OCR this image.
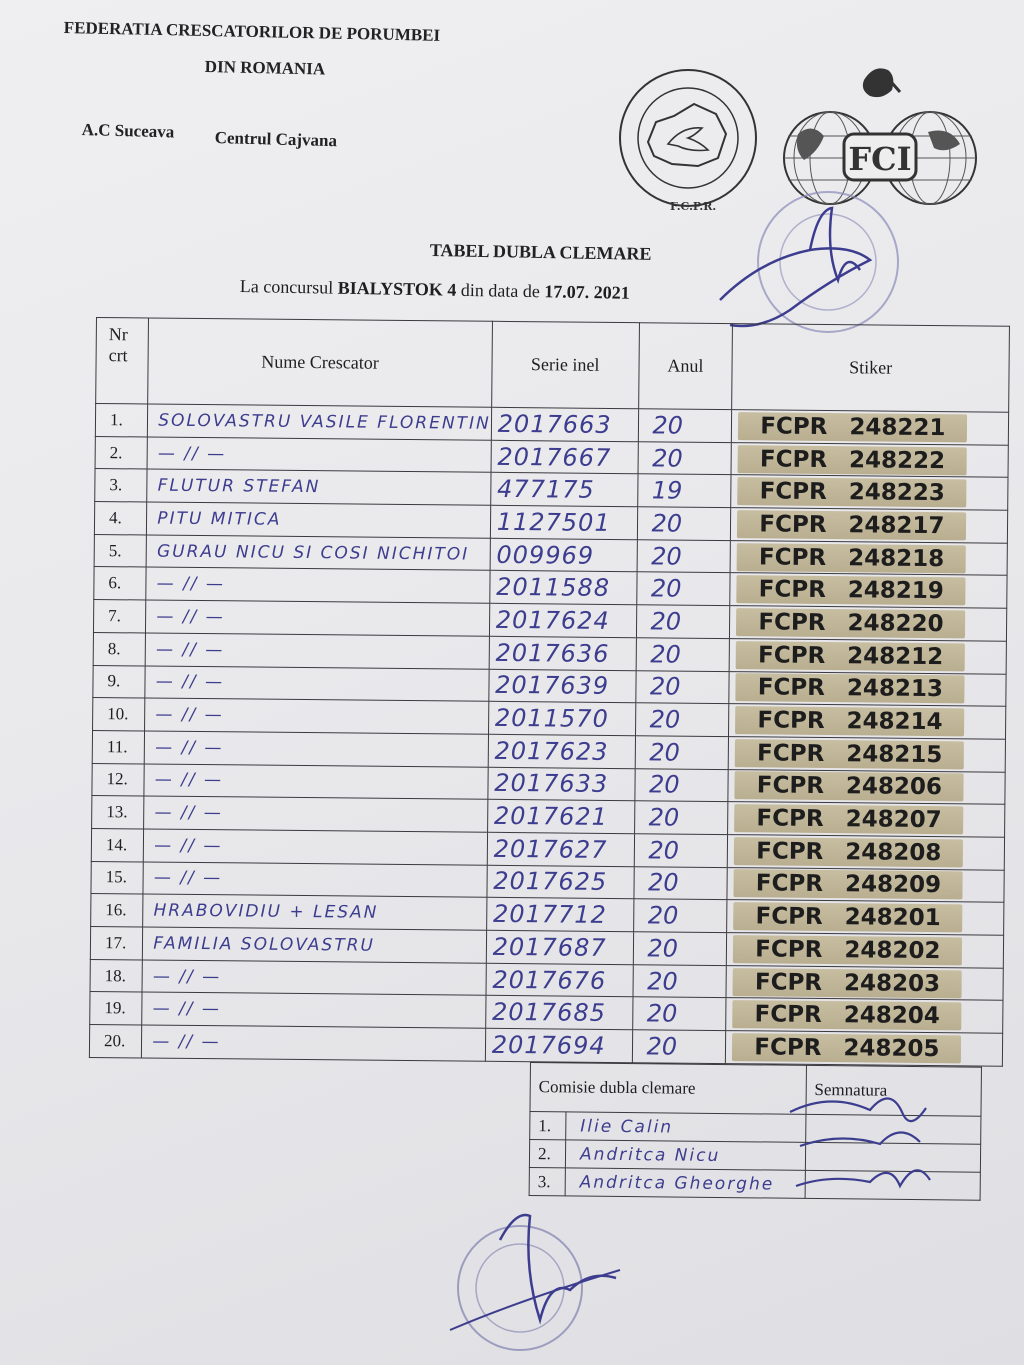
FEDERATIA CRESCATORILOR DE PORUMBEI
DIN ROMANIA
A.C Suceava Centrul Cajvana
F.C.P.R.
FCI
TABEL DUBLA CLEMARE
La concursul BIALYSTOK 4 din data de 17.07. 2021
Nr crt	Nume Crescator	Serie inel	Anul	Stiker
1.	SOLOVASTRU VASILE FLORENTIN	2017663	20	FCPR 248221
2.	— // —	2017667	20	FCPR 248222
3.	FLUTUR STEFAN	477175	19	FCPR 248223
4.	PITU MITICA	1127501	20	FCPR 248217
5.	GURAU NICU SI COSI NICHITOI	009969	20	FCPR 248218
6.	— // —	2011588	20	FCPR 248219
7.	— // —	2017624	20	FCPR 248220
8.	— // —	2017636	20	FCPR 248212
9.	— // —	2017639	20	FCPR 248213
10.	— // —	2011570	20	FCPR 248214
11.	— // —	2017623	20	FCPR 248215
12.	— // —	2017633	20	FCPR 248206
13.	— // —	2017621	20	FCPR 248207
14.	— // —	2017627	20	FCPR 248208
15.	— // —	2017625	20	FCPR 248209
16.	HRABOVIDIU + LESAN	2017712	20	FCPR 248201
17.	FAMILIA SOLOVASTRU	2017687	20	FCPR 248202
18.	— // —	2017676	20	FCPR 248203
19.	— // —	2017685	20	FCPR 248204
20.	— // —	2017694	20	FCPR 248205
Comisie dubla clemare		Semnatura
1.	Ilie Calin	
2.	Andritca Nicu	
3.	Andritca Gheorghe	
